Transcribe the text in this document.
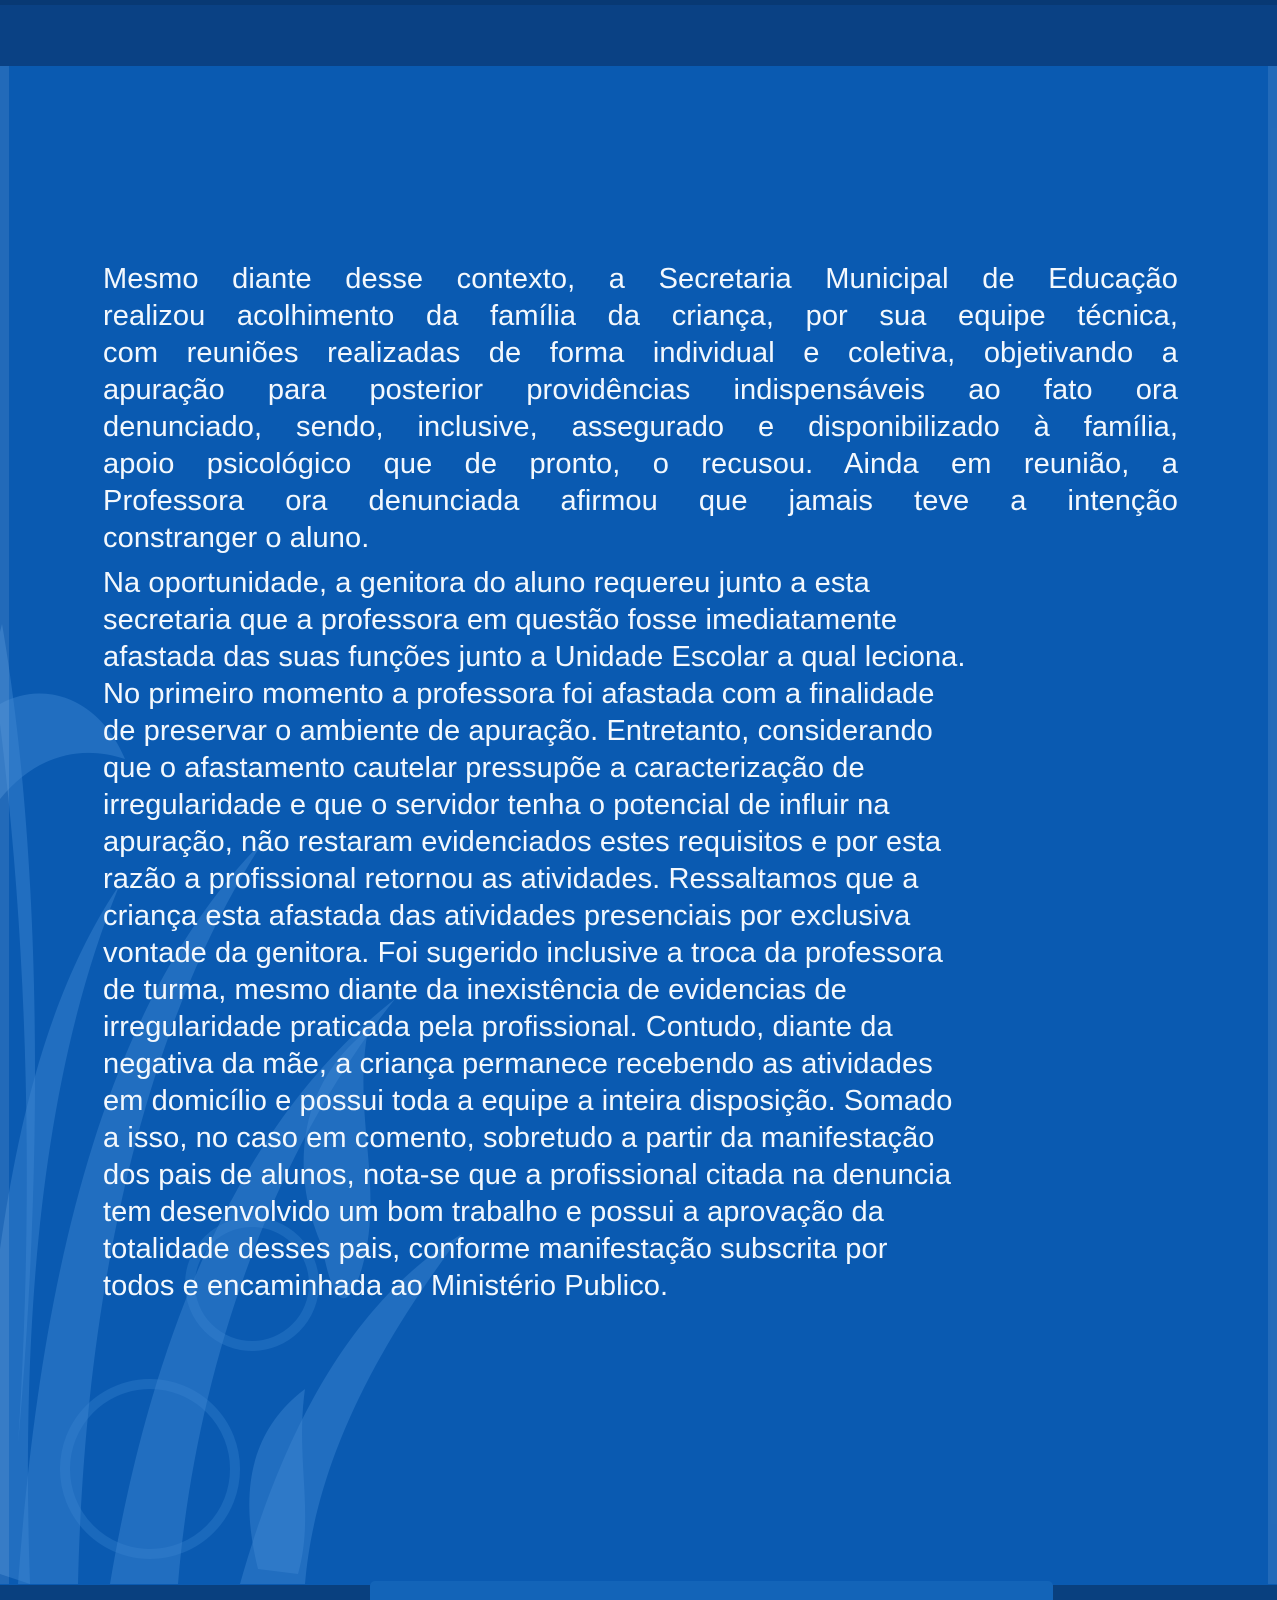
Mesmo diante desse contexto, a Secretaria Municipal de Educação
realizou acolhimento da família da criança, por sua equipe técnica,
com reuniões realizadas de forma individual e coletiva, objetivando a
apuração para posterior providências indispensáveis ao fato ora
denunciado, sendo, inclusive, assegurado e disponibilizado à família,
apoio psicológico que de pronto, o recusou. Ainda em reunião, a
Professora ora denunciada afirmou que jamais teve a intenção
constranger o aluno.
Na oportunidade, a genitora do aluno requereu junto a esta
secretaria que a professora em questão fosse imediatamente
afastada das suas funções junto a Unidade Escolar a qual leciona.
No primeiro momento a professora foi afastada com a finalidade
de preservar o ambiente de apuração. Entretanto, considerando
que o afastamento cautelar pressupõe a caracterização de
irregularidade e que o servidor tenha o potencial de influir na
apuração, não restaram evidenciados estes requisitos e por esta
razão a profissional retornou as atividades. Ressaltamos que a
criança esta afastada das atividades presenciais por exclusiva
vontade da genitora. Foi sugerido inclusive a troca da professora
de turma, mesmo diante da inexistência de evidencias de
irregularidade praticada pela profissional. Contudo, diante da
negativa da mãe, a criança permanece recebendo as atividades
em domicílio e possui toda a equipe a inteira disposição. Somado
a isso, no caso em comento, sobretudo a partir da manifestação
dos pais de alunos, nota-se que a profissional citada na denuncia
tem desenvolvido um bom trabalho e possui a aprovação da
totalidade desses pais, conforme manifestação subscrita por
todos e encaminhada ao Ministério Publico.
